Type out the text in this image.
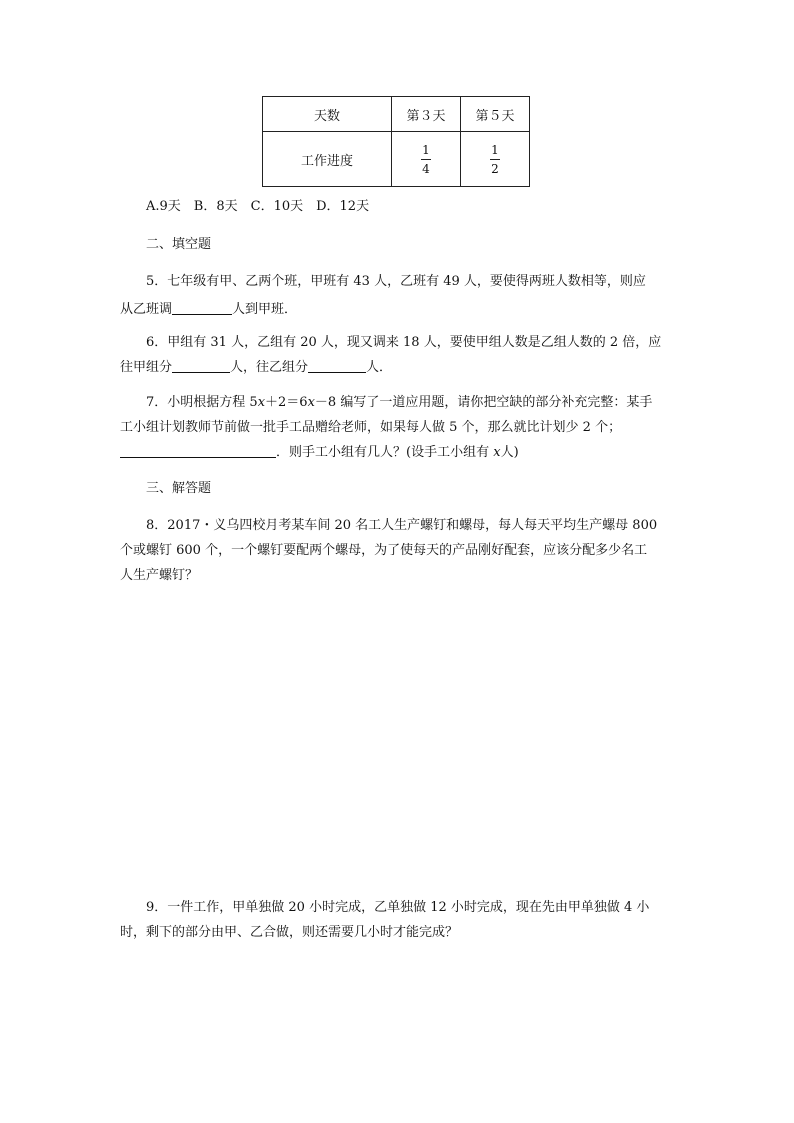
天数	第３天	第５天
工作进度	$\frac{1}{4}$	$\frac{1}{2}$
A.9天　B．8天　C．10天　D．12天
二、填空题
5．七年级有甲、乙两个班，甲班有 43 人，乙班有 49 人，要使得两班人数相等，则应
从乙班调	人到甲班．
6．甲组有 31 人，乙组有 20 人，现又调来 18 人，要使甲组人数是乙组人数的 2 倍，应
往甲组分	人，往乙组分	人．
7．小明根据方程 5x＋2＝6x－8 编写了一道应用题，请你把空缺的部分补充完整：某手
工小组计划教师节前做一批手工品赠给老师，如果每人做 5 个，那么就比计划少 2 个；
．则手工小组有几人？(设手工小组有 x人)
三、解答题
8．2017・义乌四校月考某车间 20 名工人生产螺钉和螺母，每人每天平均生产螺母 800
个或螺钉 600 个，一个螺钉要配两个螺母，为了使每天的产品刚好配套，应该分配多少名工
人生产螺钉？
9．一件工作，甲单独做 20 小时完成，乙单独做 12 小时完成，现在先由甲单独做 4 小
时，剩下的部分由甲、乙合做，则还需要几小时才能完成？
